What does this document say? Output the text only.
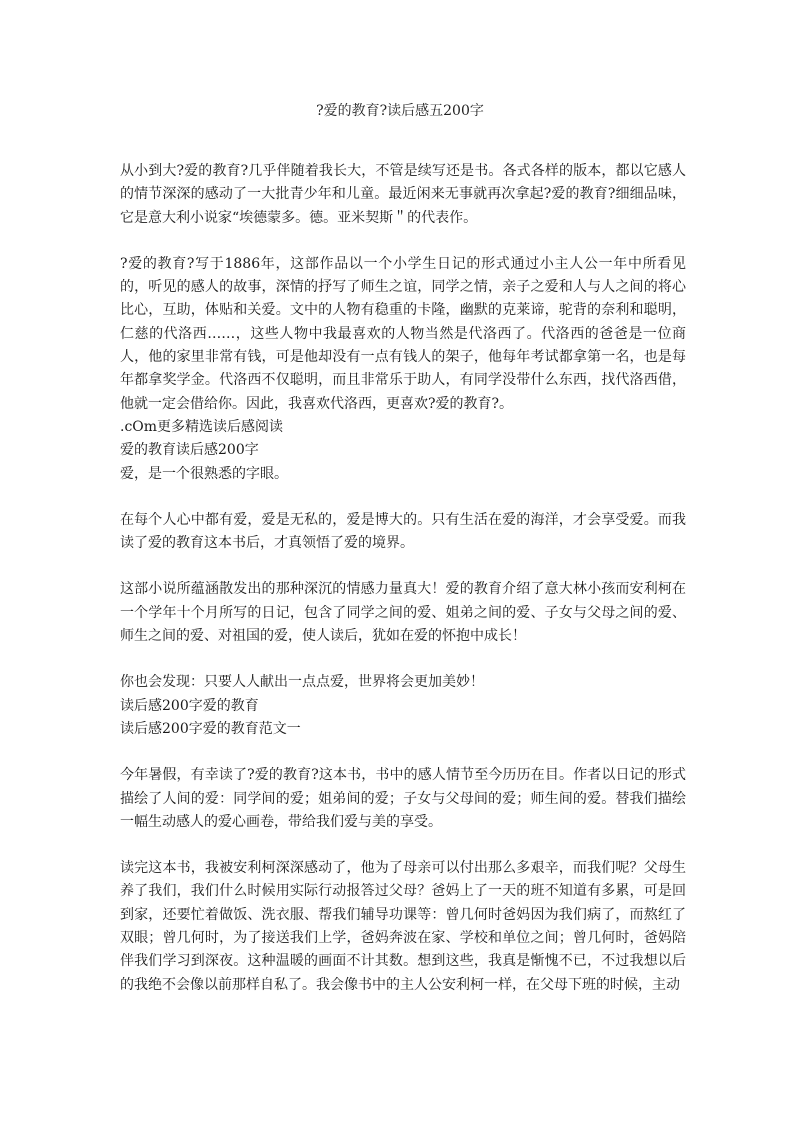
?爱的教育?读后感五200字

从小到大?爱的教育?几乎伴随着我长大，不管是续写还是书。各式各样的版本，都以它感人的情节深深的感动了一大批青少年和儿童。最近闲来无事就再次拿起?爱的教育?细细品味，它是意大利小说家“埃德蒙多。德。亚米契斯＂的代表作。

?爱的教育?写于1886年，这部作品以一个小学生日记的形式通过小主人公一年中所看见的，听见的感人的故事，深情的抒写了师生之谊，同学之情，亲子之爱和人与人之间的将心比心，互助，体贴和关爱。文中的人物有稳重的卡隆，幽默的克莱谛，驼背的奈利和聪明，仁慈的代洛西……，这些人物中我最喜欢的人物当然是代洛西了。代洛西的爸爸是一位商人，他的家里非常有钱，可是他却没有一点有钱人的架子，他每年考试都拿第一名，也是每年都拿奖学金。代洛西不仅聪明，而且非常乐于助人，有同学没带什么东西，找代洛西借，他就一定会借给你。因此，我喜欢代洛西，更喜欢?爱的教育?。

.cOm更多精选读后感阅读

爱的教育读后感200字

爱，是一个很熟悉的字眼。

在每个人心中都有爱，爱是无私的，爱是博大的。只有生活在爱的海洋，才会享受爱。而我读了爱的教育这本书后，才真领悟了爱的境界。

这部小说所蕴涵散发出的那种深沉的情感力量真大！爱的教育介绍了意大林小孩而安利柯在一个学年十个月所写的日记，包含了同学之间的爱、姐弟之间的爱、子女与父母之间的爱、师生之间的爱、对祖国的爱，使人读后，犹如在爱的怀抱中成长！

你也会发现：只要人人献出一点点爱，世界将会更加美妙！

读后感200字爱的教育

读后感200字爱的教育范文一

今年暑假，有幸读了?爱的教育?这本书，书中的感人情节至今历历在目。作者以日记的形式描绘了人间的爱：同学间的爱；姐弟间的爱；子女与父母间的爱；师生间的爱。替我们描绘一幅生动感人的爱心画卷，带给我们爱与美的享受。

读完这本书，我被安利柯深深感动了，他为了母亲可以付出那么多艰辛，而我们呢？父母生养了我们，我们什么时候用实际行动报答过父母？爸妈上了一天的班不知道有多累，可是回到家，还要忙着做饭、洗衣服、帮我们辅导功课等：曾几何时爸妈因为我们病了，而熬红了双眼；曾几何时，为了接送我们上学，爸妈奔波在家、学校和单位之间；曾几何时，爸妈陪伴我们学习到深夜。这种温暖的画面不计其数。想到这些，我真是惭愧不已，不过我想以后的我绝不会像以前那样自私了。我会像书中的主人公安利柯一样，在父母下班的时候，主动
